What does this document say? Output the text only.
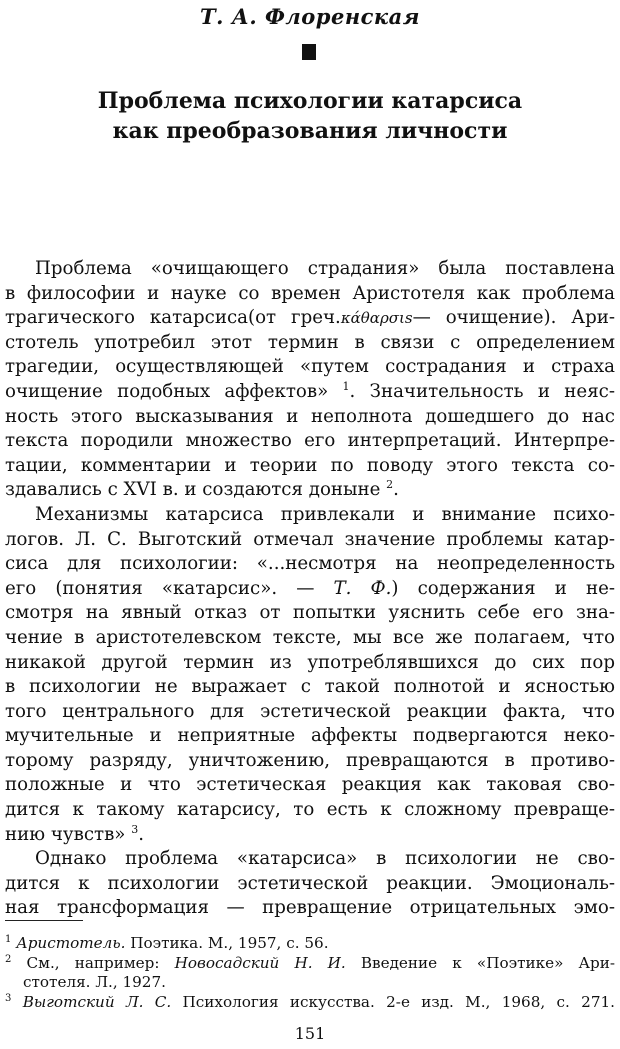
Т. А. Флоренская
Проблема психологии катарсиса
как преобразования личности
Проблема «очищающего страдания» была поставлена
в философии и науке со времен Аристотеля как проблема
трагического катарсиса(от греч.κάθαρσιs— очищение). Ари-
стотель употребил этот термин в связи с определением
трагедии, осуществляющей «путем сострадания и страха
очищение подобных аффектов» $^1$. Значительность и неяс-
ность этого высказывания и неполнота дошедшего до нас
текста породили множество его интерпретаций. Интерпре-
тации, комментарии и теории по поводу этого текста со-
здавались с XVI в. и создаются доныне $^2$.
Механизмы катарсиса привлекали и внимание психо-
логов. Л. С. Выготский отмечал значение проблемы катар-
сиса для психологии: «...несмотря на неопределенность
его (понятия «катарсис». — Т. Ф.) содержания и не-
смотря на явный отказ от попытки уяснить себе его зна-
чение в аристотелевском тексте, мы все же полагаем, что
никакой другой термин из употреблявшихся до сих пор
в психологии не выражает с такой полнотой и ясностью
того центрального для эстетической реакции факта, что
мучительные и неприятные аффекты подвергаются неко-
торому разряду, уничтожению, превращаются в противо-
положные и что эстетическая реакция как таковая сво-
дится к такому катарсису, то есть к сложному превраще-
нию чувств» $^3$.
Однако проблема «катарсиса» в психологии не сво-
дится к психологии эстетической реакции. Эмоциональ-
ная трансформация — превращение отрицательных эмо-
$^1$ Аристотель. Поэтика. М., 1957, с. 56.
$^2$ См., например: Новосадский Н. И. Введение к «Поэтике» Ари-
стотеля. Л., 1927.
$^3$ Выготский Л. С. Психология искусства. 2-е изд. М., 1968, с. 271.
151
